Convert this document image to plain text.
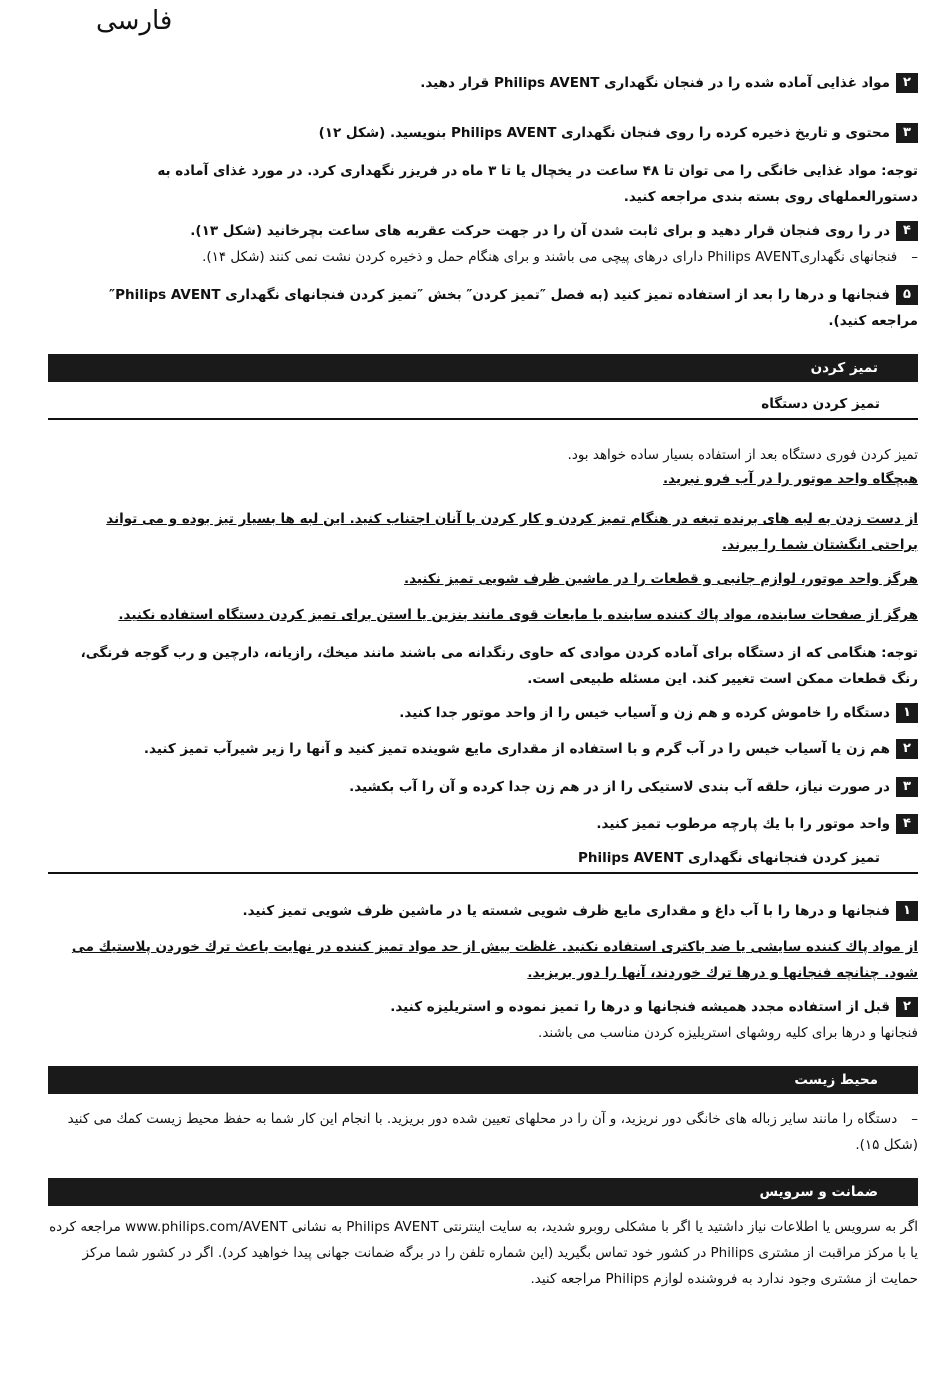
فارسی
۲مواد غذایی آماده شده را در فنجان نگهداری Philips AVENT قرار دهید.
۳محتوی و تاریخ ذخیره کرده را روی فنجان نگهداری Philips AVENT بنویسید. (شکل ۱۲)
توجه: مواد غذایی خانگی را می توان تا ۴۸ ساعت در یخچال یا تا ۳ ماه در فریزر نگهداری کرد. در مورد غذای آماده به دستورالعملهای روی بسته بندی مراجعه کنید.
۴در را روی فنجان قرار دهید و برای ثابت شدن آن را در جهت حرکت عقربه های ساعت بچرخانید (شکل ۱۳).
–فنجانهای نگهداریPhilips AVENT دارای درهای پیچی می باشند و برای هنگام حمل و ذخیره کردن نشت نمی کنند (شکل ۱۴).
۵فنجانها و درها را بعد از استفاده تمیز کنید (به فصل ″تمیز کردن″ بخش ″تمیز کردن فنجانهای نگهداری Philips AVENT″ مراجعه کنید).
تمیز کردن
تمیز کردن دستگاه
تمیز کردن فوری دستگاه بعد از استفاده بسیار ساده خواهد بود.
هیچگاه واحد موتور را در آب فرو نبرید.
از دست زدن به لبه های برنده تیغه در هنگام تمیز کردن و کار کردن با آنان اجتناب کنید. این لبه ها بسیار تیز بوده و می تواند براحتی انگشتان شما را ببرند.
هرگز واحد موتور، لوازم جانبی و قطعات را در ماشین ظرف شویی تمیز نکنید.
هرگز از صفحات ساینده، مواد پاك كننده ساینده یا مایعات قوی مانند بنزین یا استن برای تمیز کردن دستگاه استفاده نکنید.
توجه: هنگامی که از دستگاه برای آماده کردن موادی که حاوی رنگدانه می باشند مانند میخك، رازیانه، دارچین و رب گوجه فرنگی، رنگ قطعات ممکن است تغییر کند. این مسئله طبیعی است.
۱دستگاه را خاموش کرده و هم زن و آسیاب خیس را از واحد موتور جدا کنید.
۲هم زن یا آسیاب خیس را در آب گرم و با استفاده از مقداری مایع شوینده تمیز کنید و آنها را زیر شیرآب تمیز کنید.
۳در صورت نیاز، حلقه آب بندی لاستیکی را از در هم زن جدا کرده و آن را آب بکشید.
۴واحد موتور را با یك پارچه مرطوب تمیز کنید.
تمیز کردن فنجانهای نگهداری Philips AVENT
۱فنجانها و درها را با آب داغ و مقداری مایع ظرف شویی شسته یا در ماشین ظرف شویی تمیز کنید.
از مواد پاك كننده سایشی یا ضد باکتری استفاده نکنید. غلظت بیش از حد مواد تمیز کننده در نهایت باعث ترك خوردن پلاستیك می شود. چنانچه فنجانها و درها ترك خوردند، آنها را دور بریزید.
۲قبل از استفاده مجدد همیشه فنجانها و درها را تمیز نموده و استریلیزه کنید.
فنجانها و درها برای کلیه روشهای استریلیزه کردن مناسب می باشند.
محیط زیست
–دستگاه را مانند سایر زباله های خانگی دور نریزید، و آن را در محلهای تعیین شده دور بریزید. با انجام این کار شما به حفظ محیط زیست كمك می کنید (شکل ۱۵).
ضمانت و سرویس
اگر به سرویس یا اطلاعات نیاز داشتید یا اگر با مشکلی روبرو شدید، به سایت اینترنتی Philips AVENT به نشانی www.philips.com/AVENT مراجعه کرده یا با مرکز مراقبت از مشتری Philips در کشور خود تماس بگیرید (این شماره تلفن را در برگه ضمانت جهانی پیدا خواهید کرد). اگر در کشور شما مرکز حمایت از مشتری وجود ندارد به فروشنده لوازم Philips مراجعه کنید.
